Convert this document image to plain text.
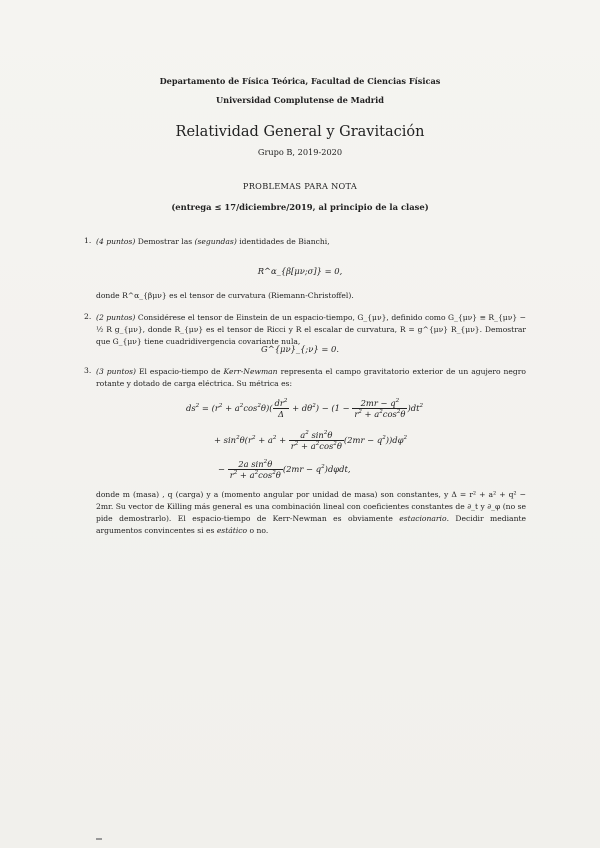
Departamento de Física Teórica, Facultad de Ciencias Físicas
Universidad Complutense de Madrid
Relatividad General y Gravitación
Grupo B, 2019-2020
PROBLEMAS PARA NOTA
(entrega ≤ 17/diciembre/2019, al principio de la clase)
1. (4 puntos) Demostrar las (segundas) identidades de Bianchi,
R^α_{β[μν;σ]} = 0,
donde R^α_{βμν} es el tensor de curvatura (Riemann-Christoffel).
2. (2 puntos) Considérese el tensor de Einstein de un espacio-tiempo, G_{μν}, definido como G_{μν} ≡ R_{μν} − ½ R g_{μν}, donde R_{μν} es el tensor de Ricci y R el escalar de curvatura, R = g^{μν} R_{μν}. Demostrar que G_{μν} tiene cuadridivergencia covariante nula,
G^{μν}_{;ν} = 0.
3. (3 puntos) El espacio-tiempo de Kerr-Newman representa el campo gravitatorio exterior de un agujero negro rotante y dotado de carga eléctrica. Su métrica es:
$ds^2 = (r^2 + a^2\cos^2\theta)( \frac{dr^2}{\Delta} + d\theta^2) - (1 - \frac{2mr - q^2}{r^2 + a^2\cos^2\theta} )dt^2$
+ $\sin^2\theta(r^2 + a^2 + \frac{a^2 \sin^2\theta}{r^2 + a^2\cos^2\theta} (2mr - q^2))d\varphi^2$
− $\frac{2a \sin^2\theta}{r^2 + a^2\cos^2\theta} (2mr - q^2)d\varphi dt$,
donde m (masa) , q (carga) y a (momento angular por unidad de masa) son constantes, y Δ = r² + a² + q² − 2mr. Su vector de Killing más general es una combinación lineal con coeficientes constantes de ∂_t y ∂_φ (no se pide demostrarlo). El espacio-tiempo de Kerr-Newman es obviamente estacionario. Decidir mediante argumentos convincentes si es estático o no.
